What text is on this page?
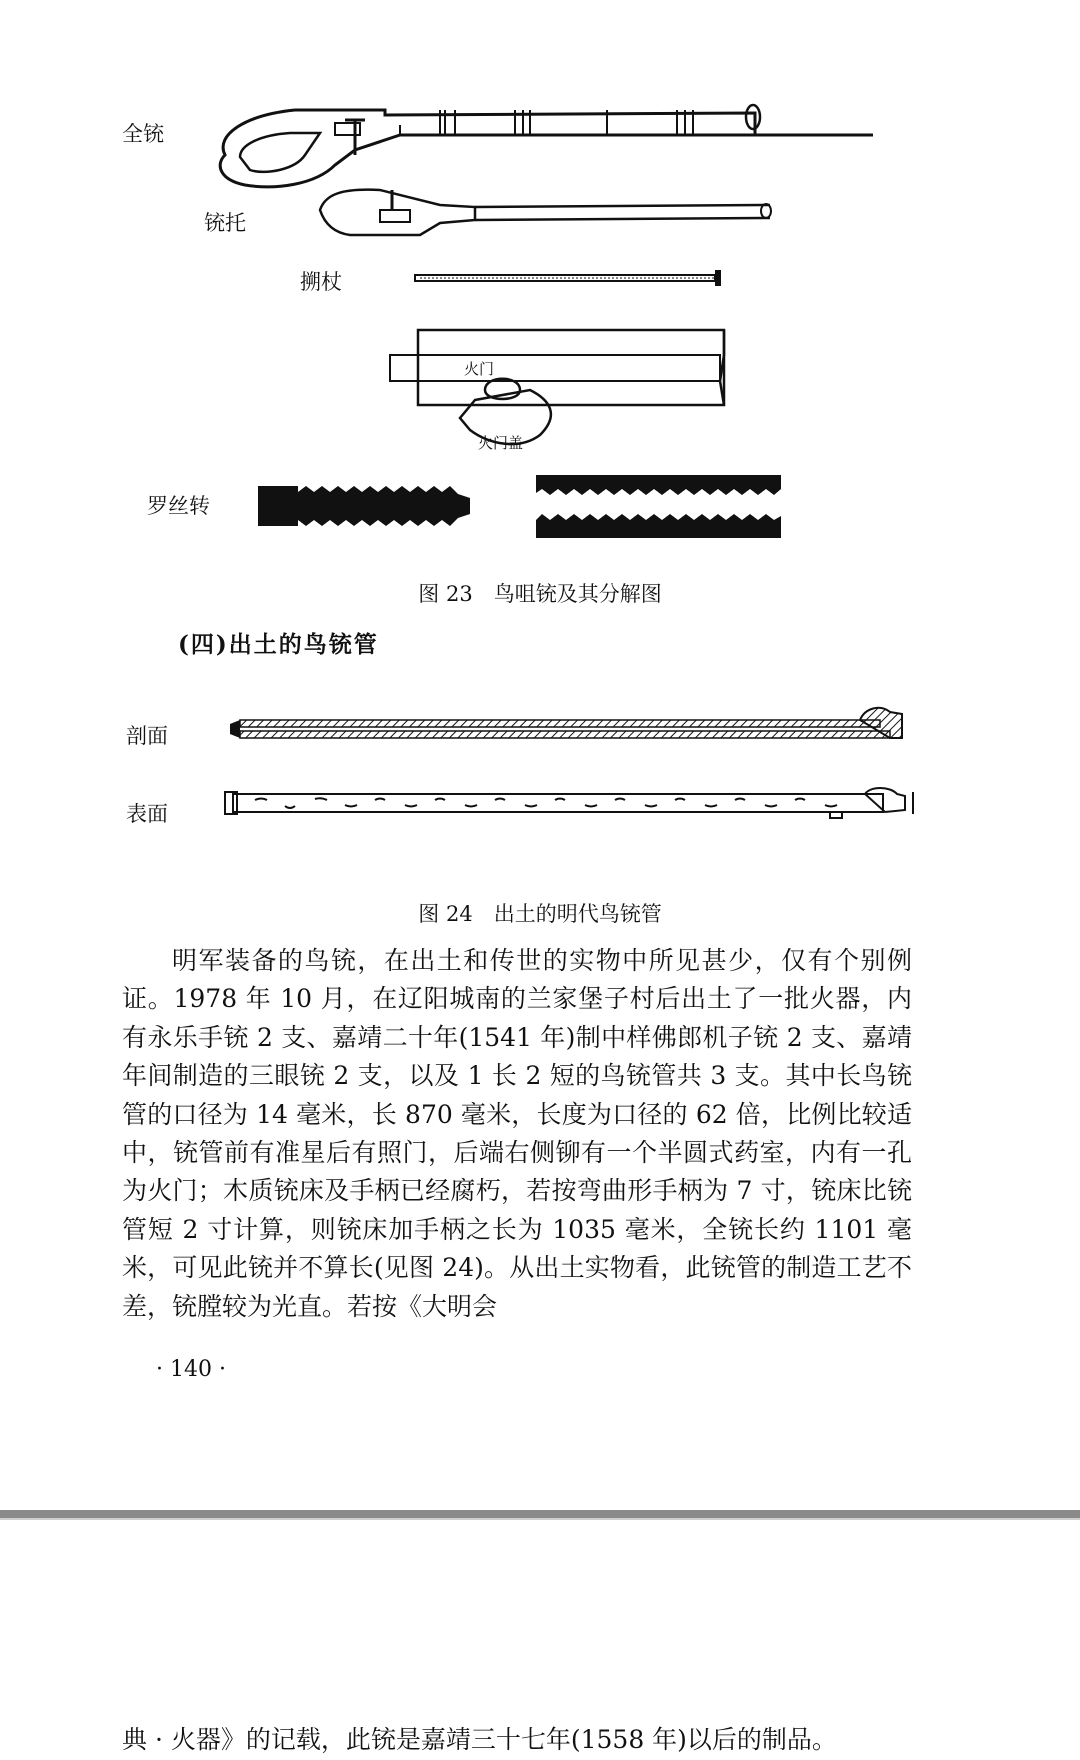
全铳
铳托
搠杖
罗丝转
火门
火门盖
图 23　鸟咀铳及其分解图
(四)出土的鸟铳管
剖面
表面
图 24　出土的明代鸟铳管

明军装备的鸟铳，在出土和传世的实物中所见甚少，仅有个别例证。1978 年 10 月，在辽阳城南的兰家堡子村后出土了一批火器，内有永乐手铳 2 支、嘉靖二十年(1541 年)制中样佛郎机子铳 2 支、嘉靖年间制造的三眼铳 2 支，以及 1 长 2 短的鸟铳管共 3 支。其中长鸟铳管的口径为 14 毫米，长 870 毫米，长度为口径的 62 倍，比例比较适中，铳管前有准星后有照门，后端右侧铆有一个半圆式药室，内有一孔为火门；木质铳床及手柄已经腐朽，若按弯曲形手柄为 7 寸，铳床比铳管短 2 寸计算，则铳床加手柄之长为 1035 毫米，全铳长约 1101 毫米，可见此铳并不算长(见图 24)。从出土实物看，此铳管的制造工艺不差，铳膛较为光直。若按《大明会

· 140 ·
典 · 火器》的记载，此铳是嘉靖三十七年(1558 年)以后的制品。
